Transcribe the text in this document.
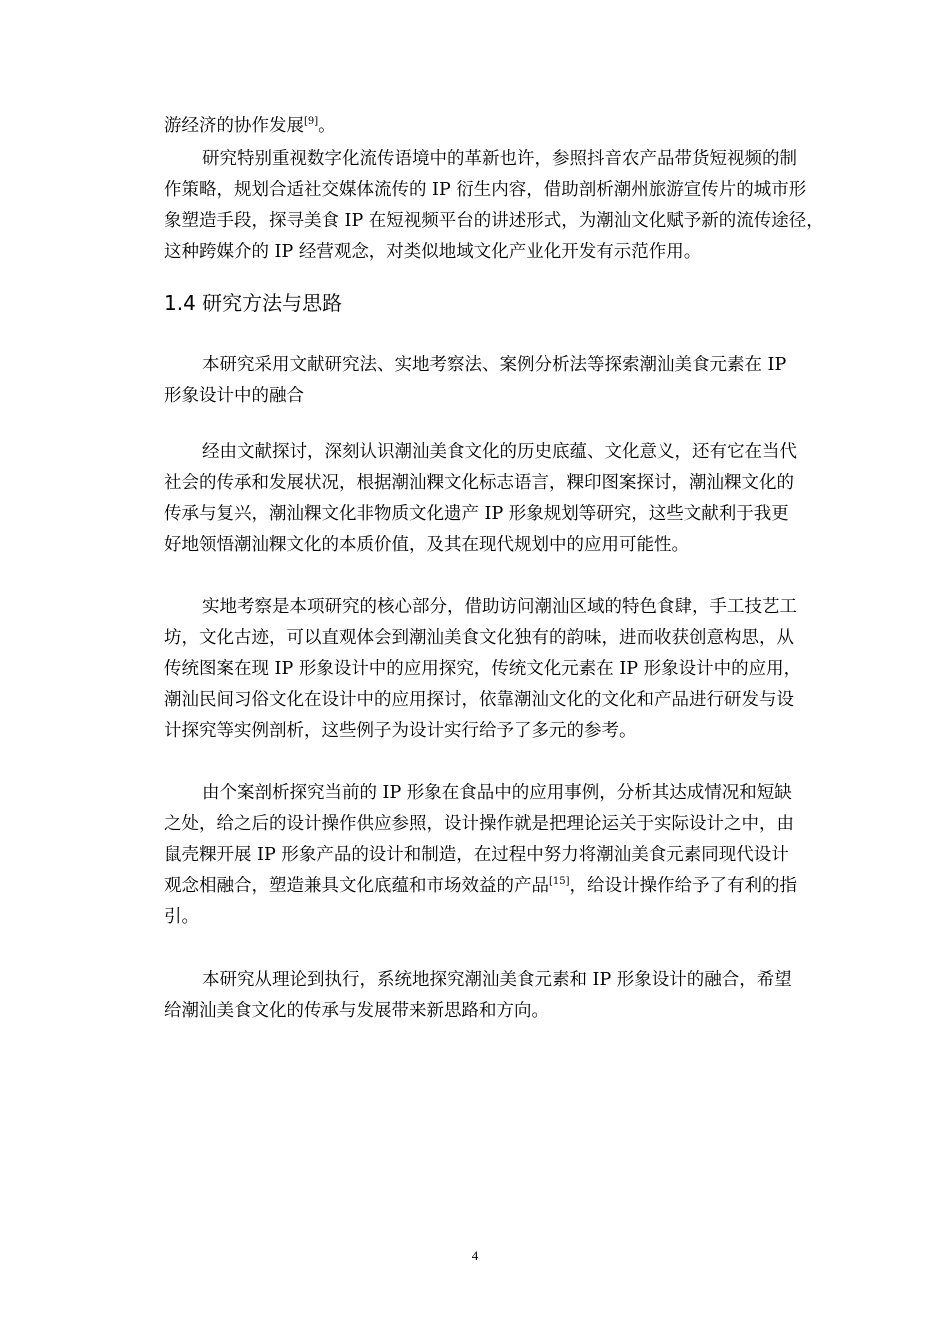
游经济的协作发展[9]。

研究特别重视数字化流传语境中的革新也许，参照抖音农产品带货短视频的制
作策略，规划合适社交媒体流传的 IP 衍生内容，借助剖析潮州旅游宣传片的城市形
象塑造手段，探寻美食 IP 在短视频平台的讲述形式，为潮汕文化赋予新的流传途径，
这种跨媒介的 IP 经营观念，对类似地域文化产业化开发有示范作用。

1.4 研究方法与思路

本研究采用文献研究法、实地考察法、案例分析法等探索潮汕美食元素在 IP
形象设计中的融合

经由文献探讨，深刻认识潮汕美食文化的历史底蕴、文化意义，还有它在当代
社会的传承和发展状况，根据潮汕粿文化标志语言，粿印图案探讨，潮汕粿文化的
传承与复兴，潮汕粿文化非物质文化遗产 IP 形象规划等研究，这些文献利于我更
好地领悟潮汕粿文化的本质价值，及其在现代规划中的应用可能性。

实地考察是本项研究的核心部分，借助访问潮汕区域的特色食肆，手工技艺工
坊，文化古迹，可以直观体会到潮汕美食文化独有的韵味，进而收获创意构思，从
传统图案在现 IP 形象设计中的应用探究，传统文化元素在 IP 形象设计中的应用，
潮汕民间习俗文化在设计中的应用探讨，依靠潮汕文化的文化和产品进行研发与设
计探究等实例剖析，这些例子为设计实行给予了多元的参考。

由个案剖析探究当前的 IP 形象在食品中的应用事例，分析其达成情况和短缺
之处，给之后的设计操作供应参照，设计操作就是把理论运关于实际设计之中，由
鼠壳粿开展 IP 形象产品的设计和制造，在过程中努力将潮汕美食元素同现代设计
观念相融合，塑造兼具文化底蕴和市场效益的产品[15]，给设计操作给予了有利的指
引。

本研究从理论到执行，系统地探究潮汕美食元素和 IP 形象设计的融合，希望
给潮汕美食文化的传承与发展带来新思路和方向。

4
